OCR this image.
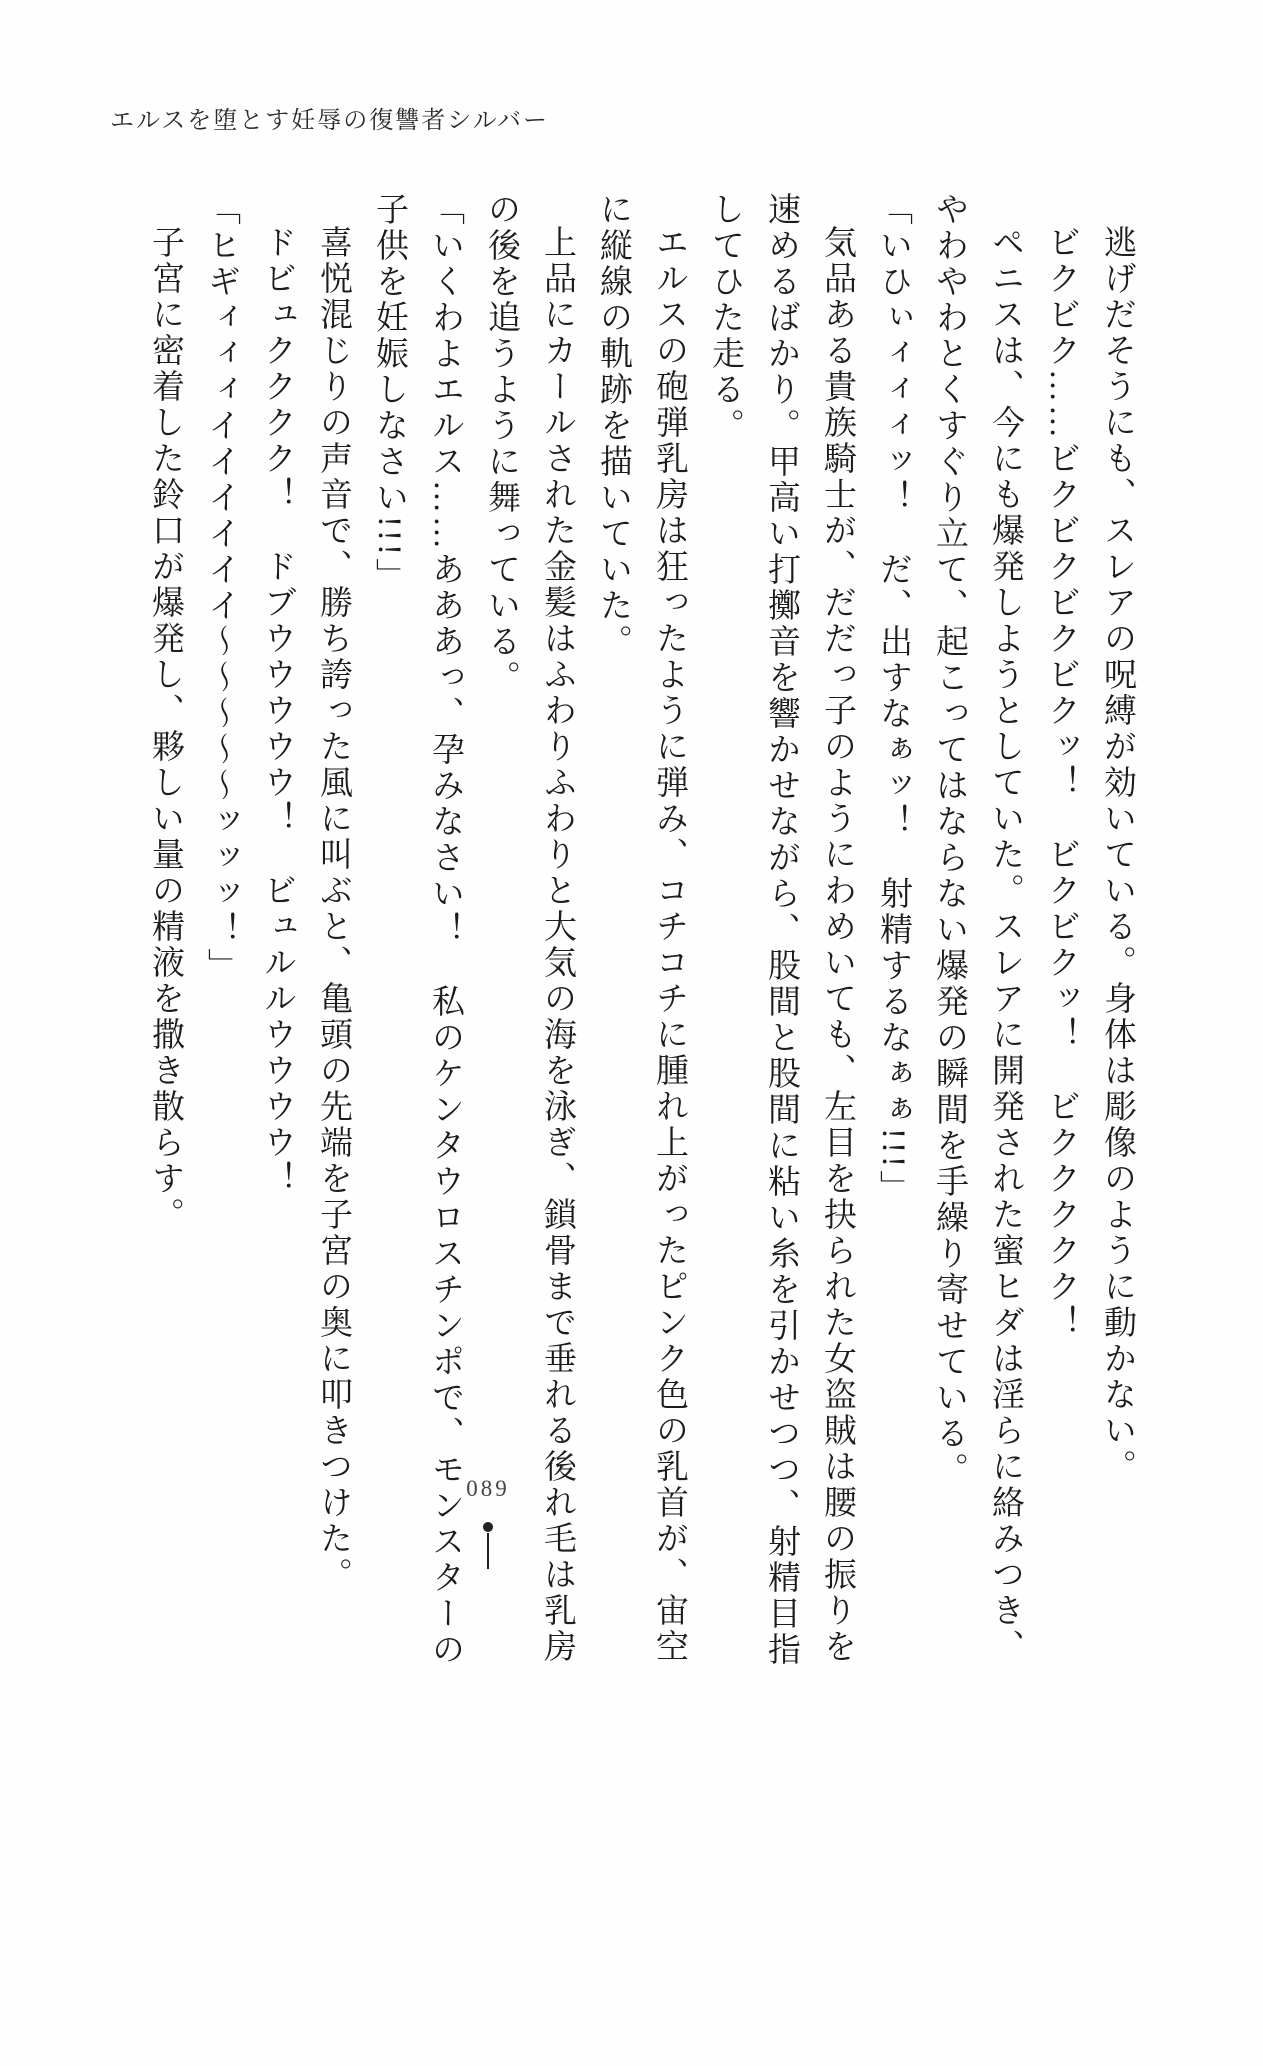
エルスを堕とす妊辱の復讐者シルバー

逃げだそうにも、スレアの呪縛が効いている。身体は彫像のように動かない。

ビクビク……ビクビクビクビクッ！　ビクビクッ！　ビククククク！

ペニスは、今にも爆発しようとしていた。スレアに開発された蜜ヒダは淫らに絡みつき、やわやわとくすぐり立て、起こってはならない爆発の瞬間を手繰り寄せている。

「いひぃィィィッ！　だ、出すなぁッ！　射精するなぁぁ!!!」

気品ある貴族騎士が、だだっ子のようにわめいても、左目を抉られた女盗賊は腰の振りを速めるばかり。甲高い打擲音を響かせながら、股間と股間に粘い糸を引かせつつ、射精目指してひた走る。

エルスの砲弾乳房は狂ったように弾み、コチコチに腫れ上がったピンク色の乳首が、宙空に縦線の軌跡を描いていた。

上品にカールされた金髪はふわりふわりと大気の海を泳ぎ、鎖骨まで垂れる後れ毛は乳房の後を追うように舞っている。

「いくわよエルス……あああっ、孕みなさい！　私のケンタウロスチンポで、モンスターの子供を妊娠しなさい!!!」

喜悦混じりの声音で、勝ち誇った風に叫ぶと、亀頭の先端を子宮の奥に叩きつけた。

ドビュクククク！　ドブウウウウウ！　ビュルルウウウウ！

「ヒギィィィイイイイイイ～～～～～ッッッ！」

子宮に密着した鈴口が爆発し、夥しい量の精液を撒き散らす。

089
